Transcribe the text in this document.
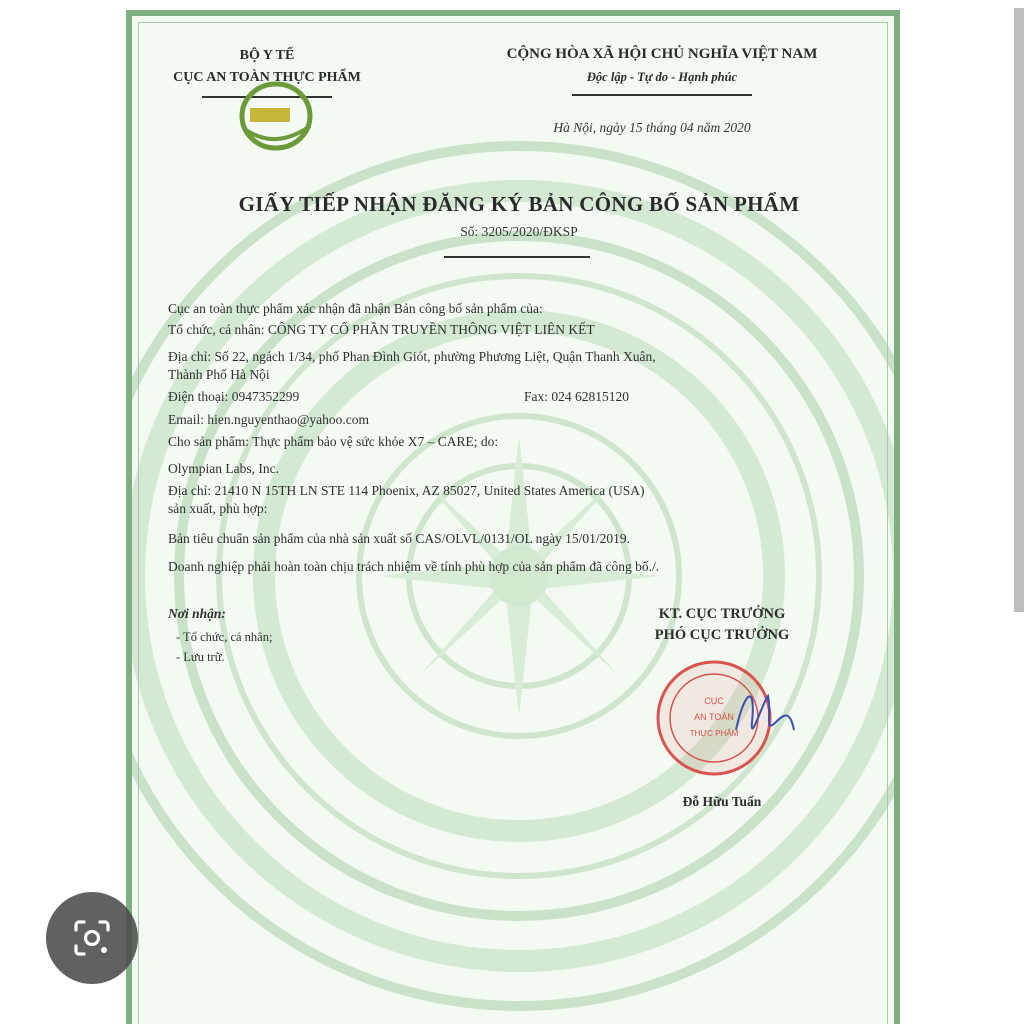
BỘ Y TẾ
CỤC AN TOÀN THỰC PHẨM
CỘNG HÒA XÃ HỘI CHỦ NGHĨA VIỆT NAM
Độc lập - Tự do - Hạnh phúc
Hà Nội, ngày 15 tháng 04 năm 2020
GIẤY TIẾP NHẬN ĐĂNG KÝ BẢN CÔNG BỐ SẢN PHẨM
Số: 3205/2020/ĐKSP
Cục an toàn thực phẩm xác nhận đã nhận Bản công bố sản phẩm của:
Tổ chức, cá nhân: CÔNG TY CỔ PHẦN TRUYỀN THÔNG VIỆT LIÊN KẾT
Địa chỉ: Số 22, ngách 1/34, phố Phan Đình Giót, phường Phương Liệt, Quận Thanh Xuân,
Thành Phố Hà Nội
Điện thoại: 0947352299	Fax: 024 62815120
Email: hien.nguyenthao@yahoo.com
Cho sản phẩm: Thực phẩm bảo vệ sức khỏe X7 – CARE; do:
Olympian Labs, Inc.
Địa chỉ: 21410 N 15TH LN STE 114 Phoenix, AZ 85027, United States America (USA)
sản xuất, phù hợp:
Bản tiêu chuẩn sản phẩm của nhà sản xuất số CAS/OLVL/0131/OL ngày 15/01/2019.
Doanh nghiệp phải hoàn toàn chịu trách nhiệm về tính phù hợp của sản phẩm đã công bố./.
Nơi nhận:
- Tổ chức, cá nhân;
- Lưu trữ.
KT. CỤC TRƯỞNG
PHÓ CỤC TRƯỞNG
CỤC
AN TOÀN
THỰC PHẨM
Đỗ Hữu Tuấn
